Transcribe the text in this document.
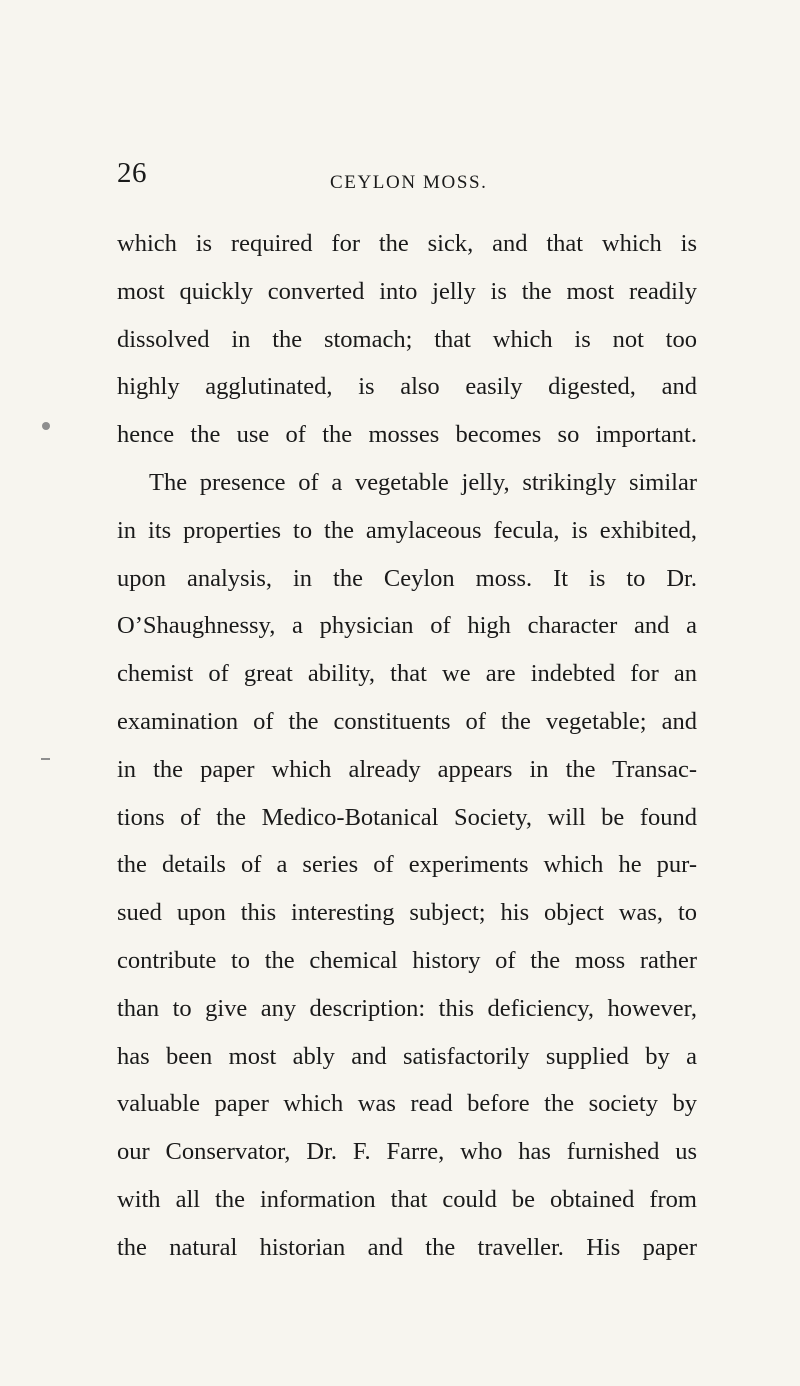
26	CEYLON MOSS.
which is required for the sick, and that which is
most quickly converted into jelly is the most readily
dissolved in the stomach; that which is not too
highly agglutinated, is also easily digested, and
hence the use of the mosses becomes so important.
The presence of a vegetable jelly, strikingly similar
in its properties to the amylaceous fecula, is exhibited,
upon analysis, in the Ceylon moss. It is to Dr.
O’Shaughnessy, a physician of high character and a
chemist of great ability, that we are indebted for an
examination of the constituents of the vegetable; and
in the paper which already appears in the Transac-
tions of the Medico-Botanical Society, will be found
the details of a series of experiments which he pur-
sued upon this interesting subject; his object was, to
contribute to the chemical history of the moss rather
than to give any description: this deficiency, however,
has been most ably and satisfactorily supplied by a
valuable paper which was read before the society by
our Conservator, Dr. F. Farre, who has furnished us
with all the information that could be obtained from
the natural historian and the traveller. His paper
